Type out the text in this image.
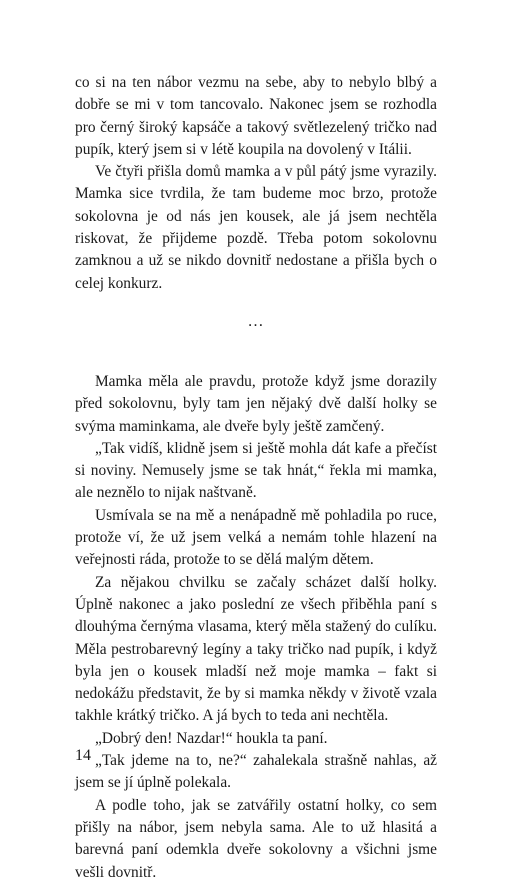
co si na ten nábor vezmu na sebe, aby to nebylo blbý a dobře se mi v tom tancovalo. Nakonec jsem se rozhodla pro černý široký kapsáče a takový světlezelený tričko nad pupík, který jsem si v létě koupila na dovolený v Itálii.

Ve čtyři přišla domů mamka a v půl pátý jsme vyrazily. Mamka sice tvrdila, že tam budeme moc brzo, protože sokolovna je od nás jen kousek, ale já jsem nechtěla riskovat, že přijdeme pozdě. Třeba potom sokolovnu zamknou a už se nikdo dovnitř nedostane a přišla bych o celej konkurz.

…

Mamka měla ale pravdu, protože když jsme dorazily před sokolovnu, byly tam jen nějaký dvě další holky se svýma maminkama, ale dveře byly ještě zamčený.

„Tak vidíš, klidně jsem si ještě mohla dát kafe a přečíst si noviny. Nemusely jsme se tak hnát,“ řekla mi mamka, ale neznělo to nijak naštvaně.

Usmívala se na mě a nenápadně mě pohladila po ruce, protože ví, že už jsem velká a nemám tohle hlazení na veřejnosti ráda, protože to se dělá malým dětem.

Za nějakou chvilku se začaly scházet další holky. Úplně nakonec a jako poslední ze všech přiběhla paní s dlouhýma černýma vlasama, který měla stažený do culíku. Měla pestrobarevný legíny a taky tričko nad pupík, i když byla jen o kousek mladší než moje mamka – fakt si nedokážu představit, že by si mamka někdy v životě vzala takhle krátký tričko. A já bych to teda ani nechtěla.

„Dobrý den! Nazdar!“ houkla ta paní.

„Tak jdeme na to, ne?“ zahalekala strašně nahlas, až jsem se jí úplně polekala.

A podle toho, jak se zatvářily ostatní holky, co sem přišly na nábor, jsem nebyla sama. Ale to už hlasitá a barevná paní odemkla dveře sokolovny a všichni jsme vešli dovnitř.

14
